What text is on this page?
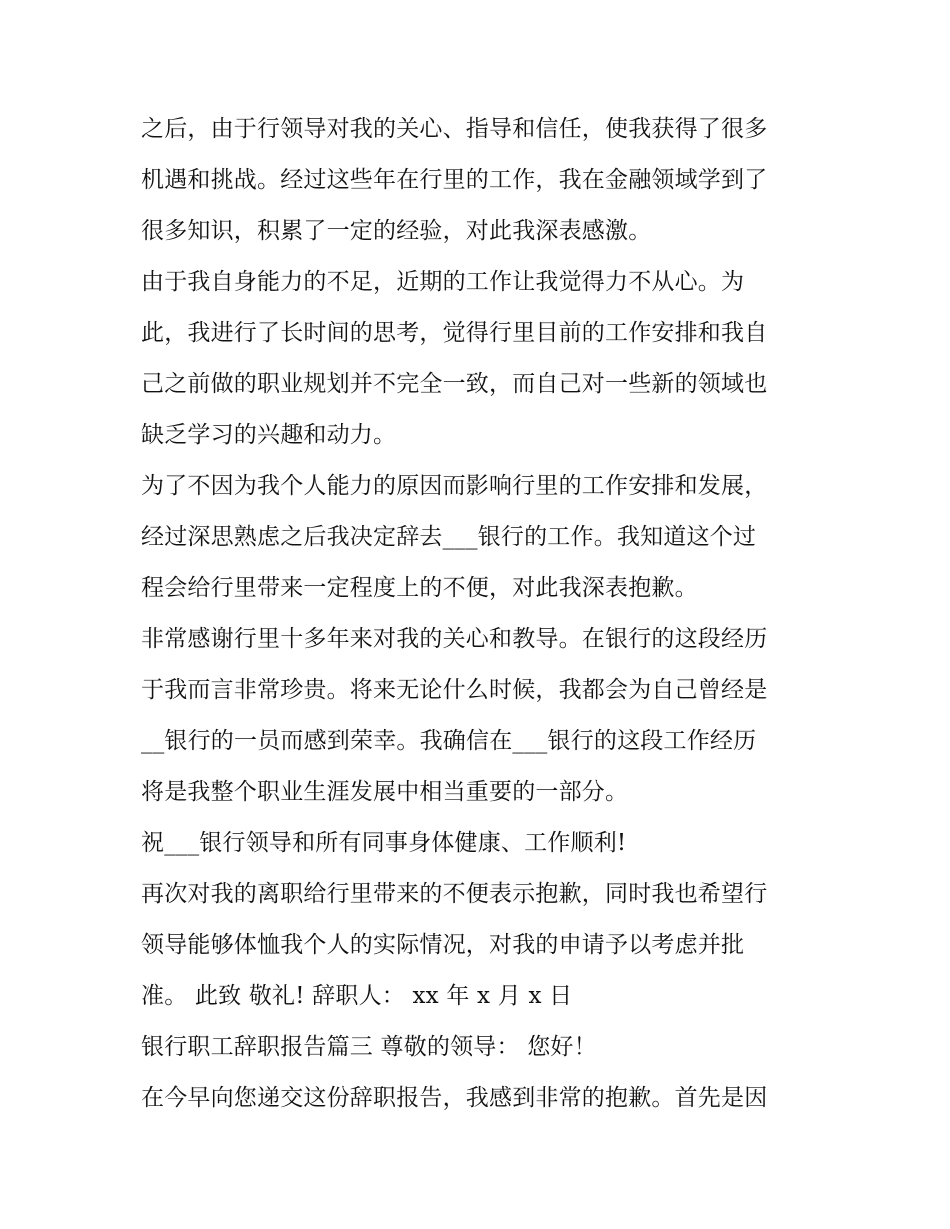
之后，由于行领导对我的关心、指导和信任，使我获得了很多
机遇和挑战。经过这些年在行里的工作，我在金融领域学到了
很多知识，积累了一定的经验，对此我深表感激。
由于我自身能力的不足，近期的工作让我觉得力不从心。为
此，我进行了长时间的思考，觉得行里目前的工作安排和我自
己之前做的职业规划并不完全一致，而自己对一些新的领域也
缺乏学习的兴趣和动力。
为了不因为我个人能力的原因而影响行里的工作安排和发展，
经过深思熟虑之后我决定辞去___银行的工作。我知道这个过
程会给行里带来一定程度上的不便，对此我深表抱歉。
非常感谢行里十多年来对我的关心和教导。在银行的这段经历
于我而言非常珍贵。将来无论什么时候，我都会为自己曾经是
__银行的一员而感到荣幸。我确信在___银行的这段工作经历
将是我整个职业生涯发展中相当重要的一部分。
祝___银行领导和所有同事身体健康、工作顺利!
再次对我的离职给行里带来的不便表示抱歉，同时我也希望行
领导能够体恤我个人的实际情况，对我的申请予以考虑并批
准。 此致 敬礼! 辞职人： xx 年 x 月 x 日
银行职工辞职报告篇三 尊敬的领导： 您好！
在今早向您递交这份辞职报告，我感到非常的抱歉。首先是因
